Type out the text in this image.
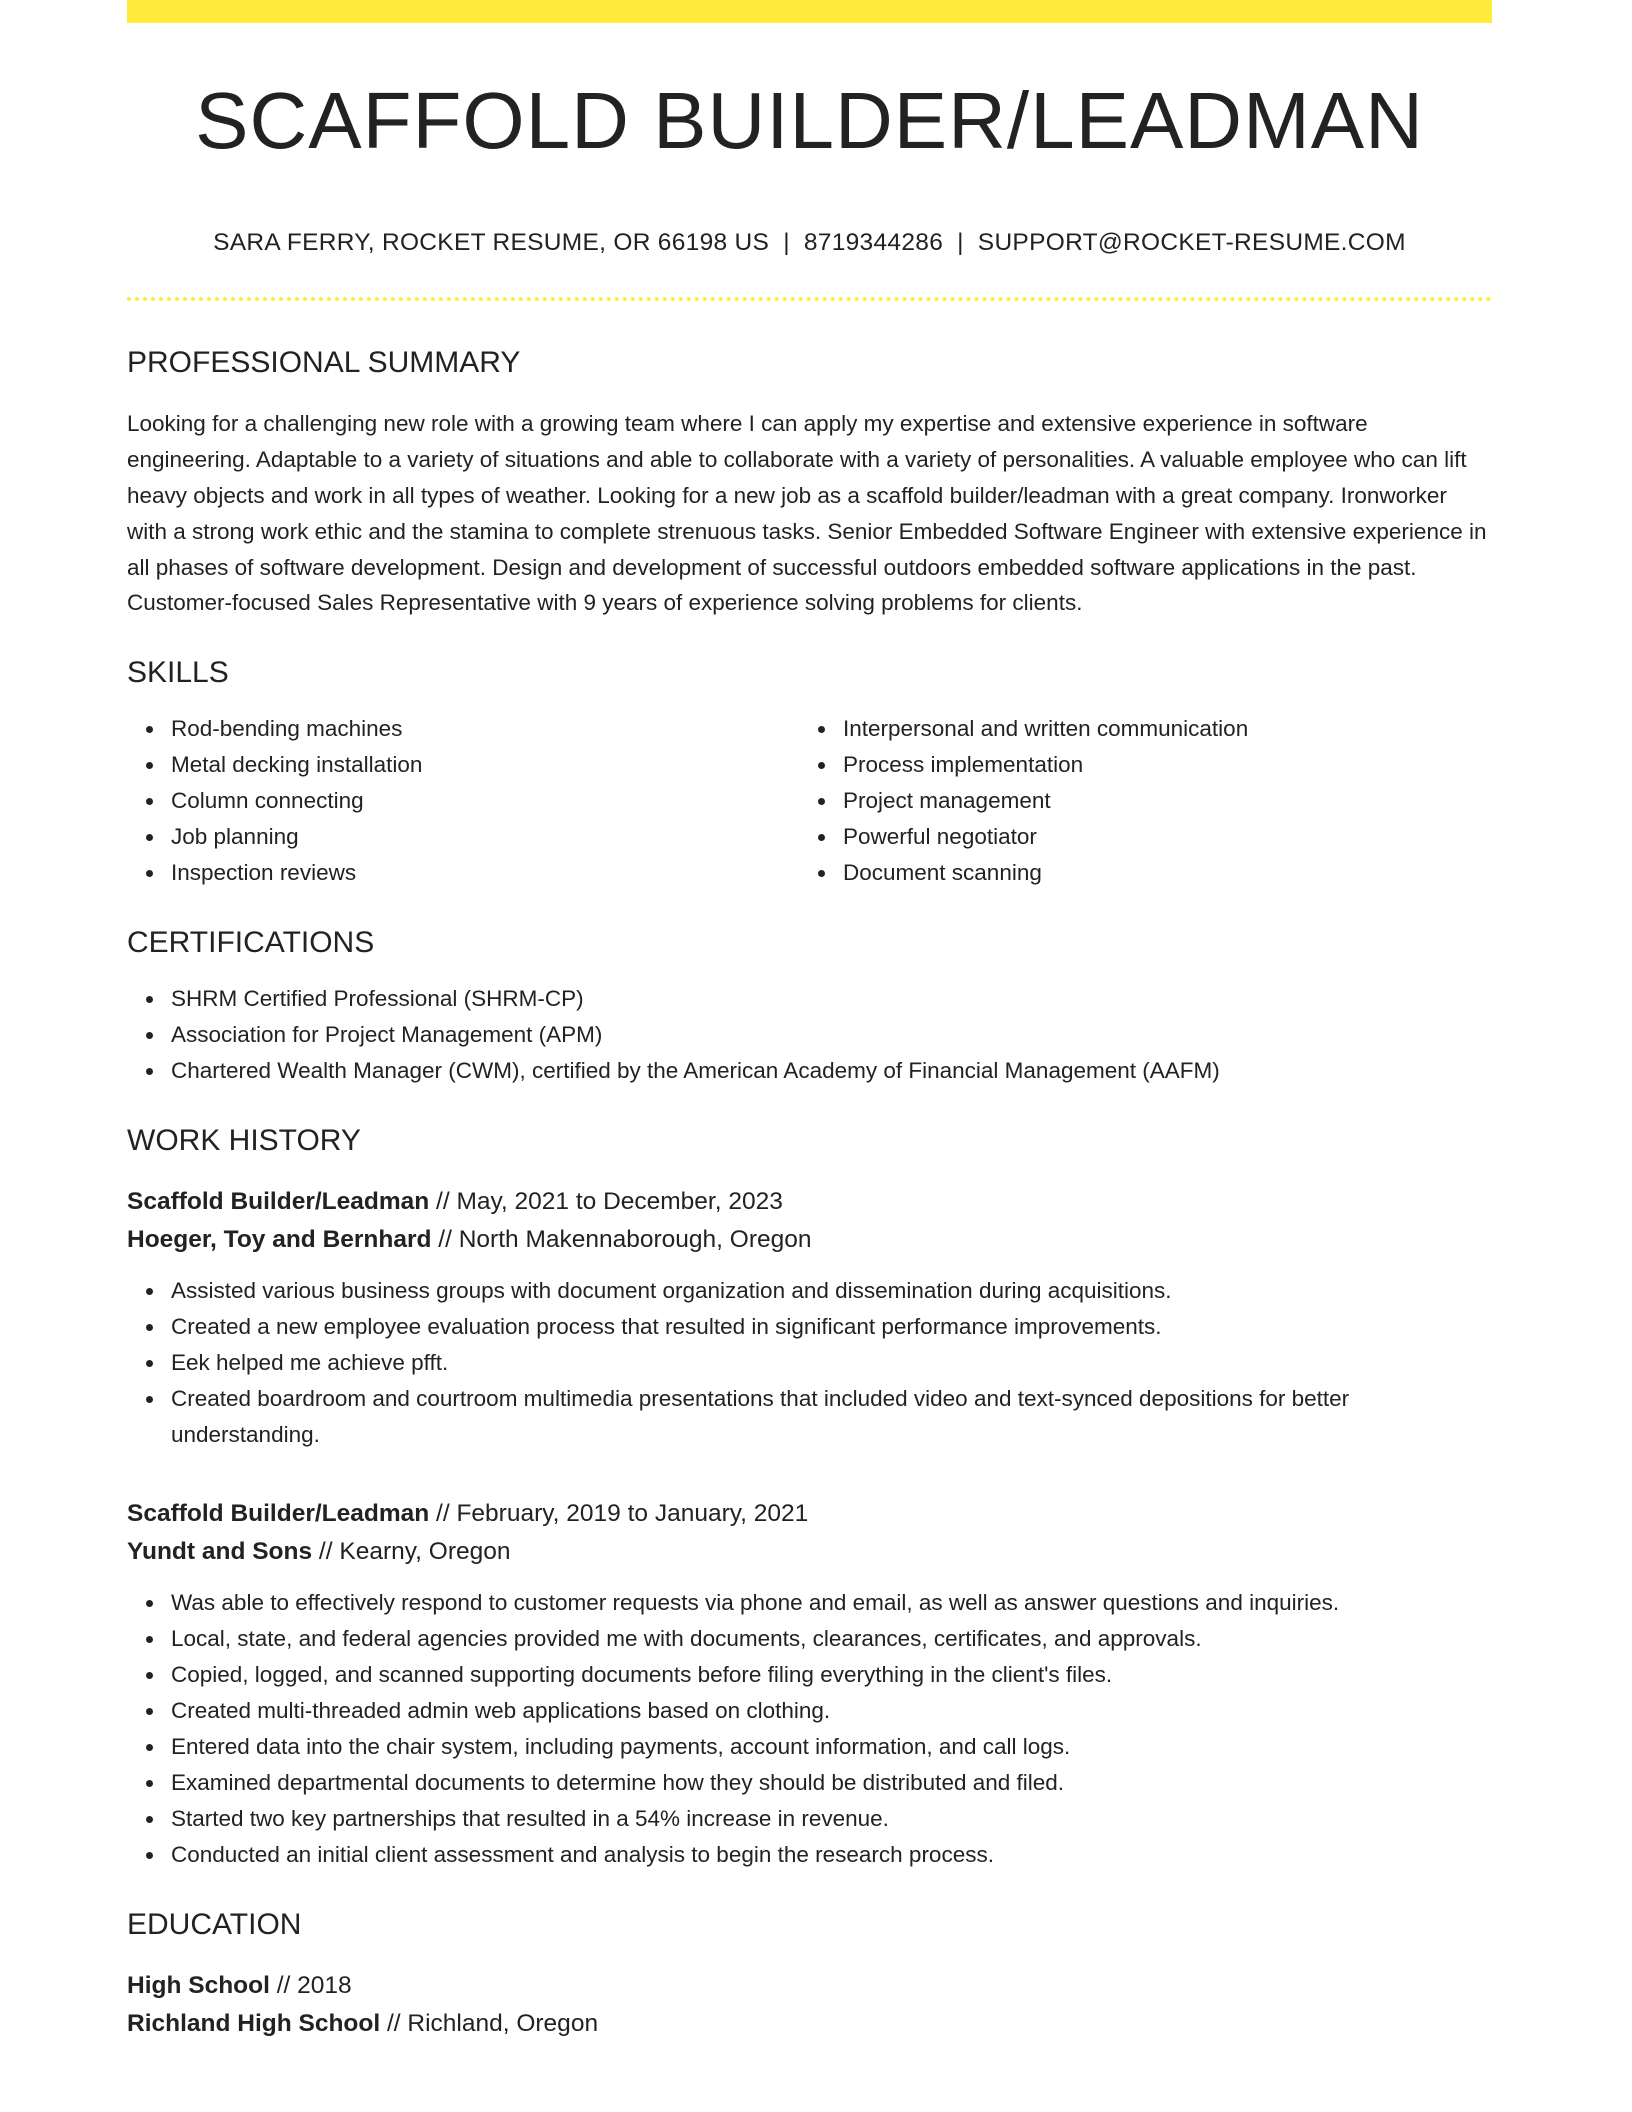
SCAFFOLD BUILDER/LEADMAN
SARA FERRY, ROCKET RESUME, OR 66198 US | 8719344286 | SUPPORT@ROCKET-RESUME.COM
PROFESSIONAL SUMMARY

Looking for a challenging new role with a growing team where I can apply my expertise and extensive experience in software engineering. Adaptable to a variety of situations and able to collaborate with a variety of personalities. A valuable employee who can lift heavy objects and work in all types of weather. Looking for a new job as a scaffold builder/leadman with a great company. Ironworker with a strong work ethic and the stamina to complete strenuous tasks. Senior Embedded Software Engineer with extensive experience in all phases of software development. Design and development of successful outdoors embedded software applications in the past. Customer-focused Sales Representative with 9 years of experience solving problems for clients.

SKILLS
Rod-bending machines
Metal decking installation
Column connecting
Job planning
Inspection reviews
Interpersonal and written communication
Process implementation
Project management
Powerful negotiator
Document scanning
CERTIFICATIONS
SHRM Certified Professional (SHRM-CP)
Association for Project Management (APM)
Chartered Wealth Manager (CWM), certified by the American Academy of Financial Management (AAFM)
WORK HISTORY
Scaffold Builder/Leadman // May, 2021 to December, 2023
Hoeger, Toy and Bernhard // North Makennaborough, Oregon
Assisted various business groups with document organization and dissemination during acquisitions.
Created a new employee evaluation process that resulted in significant performance improvements.
Eek helped me achieve pfft.
Created boardroom and courtroom multimedia presentations that included video and text-synced depositions for better understanding.
Scaffold Builder/Leadman // February, 2019 to January, 2021
Yundt and Sons // Kearny, Oregon
Was able to effectively respond to customer requests via phone and email, as well as answer questions and inquiries.
Local, state, and federal agencies provided me with documents, clearances, certificates, and approvals.
Copied, logged, and scanned supporting documents before filing everything in the client's files.
Created multi-threaded admin web applications based on clothing.
Entered data into the chair system, including payments, account information, and call logs.
Examined departmental documents to determine how they should be distributed and filed.
Started two key partnerships that resulted in a 54% increase in revenue.
Conducted an initial client assessment and analysis to begin the research process.
EDUCATION
High School // 2018
Richland High School // Richland, Oregon
